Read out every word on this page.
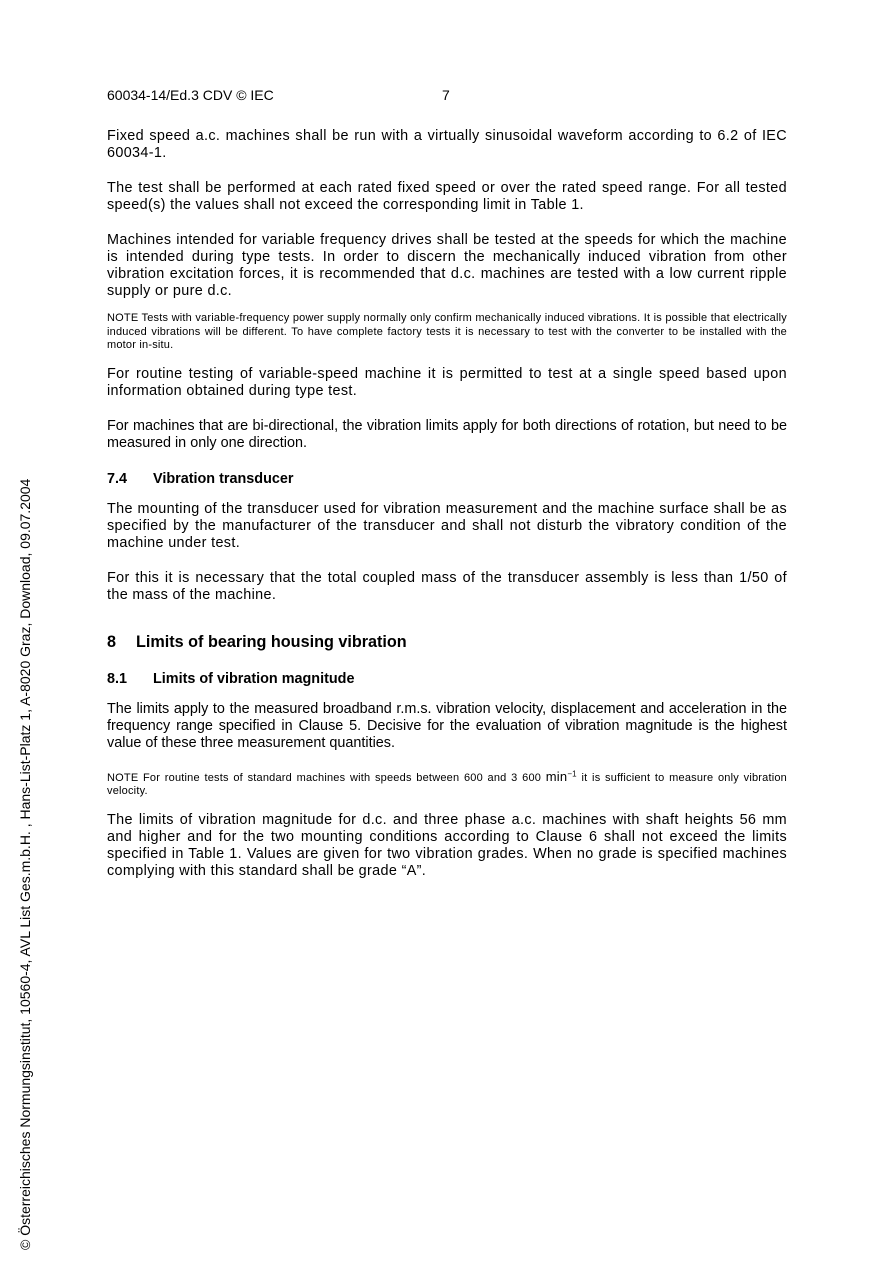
60034-14/Ed.3 CDV © IEC	7

Fixed speed a.c. machines shall be run with a virtually sinusoidal waveform according to 6.2 of IEC 60034-1.

The test shall be performed at each rated fixed speed or over the rated speed range. For all tested speed(s) the values shall not exceed the corresponding limit in Table 1.

Machines intended for variable frequency drives shall be tested at the speeds for which the machine is intended during type tests. In order to discern the mechanically induced vibration from other vibration excitation forces, it is recommended that d.c. machines are tested with a low current ripple supply or pure d.c.

NOTE Tests with variable-frequency power supply normally only confirm mechanically induced vibrations. It is possible that electrically induced vibrations will be different. To have complete factory tests it is necessary to test with the converter to be installed with the motor in-situ.

For routine testing of variable-speed machine it is permitted to test at a single speed based upon information obtained during type test.

For machines that are bi-directional, the vibration limits apply for both directions of rotation, but need to be measured in only one direction.

7.4 Vibration transducer

The mounting of the transducer used for vibration measurement and the machine surface shall be as specified by the manufacturer of the transducer and shall not disturb the vibratory condition of the machine under test.

For this it is necessary that the total coupled mass of the transducer assembly is less than 1/50 of the mass of the machine.

8 Limits of bearing housing vibration
8.1 Limits of vibration magnitude

The limits apply to the measured broadband r.m.s. vibration velocity, displacement and acceleration in the frequency range specified in Clause 5. Decisive for the evaluation of vibration magnitude is the highest value of these three measurement quantities.

NOTE For routine tests of standard machines with speeds between 600 and 3 600 $\min^{-1}$ it is sufficient to measure only vibration velocity.

The limits of vibration magnitude for d.c. and three phase a.c. machines with shaft heights 56 mm and higher and for the two mounting conditions according to Clause 6 shall not exceed the limits specified in Table 1. Values are given for two vibration grades. When no grade is specified machines complying with this standard shall be grade “A”.

© Österreichisches Normungsinstitut, 10560-4, AVL List Ges.m.b.H. , Hans-List-Platz 1, A-8020 Graz, Download, 09.07.2004
